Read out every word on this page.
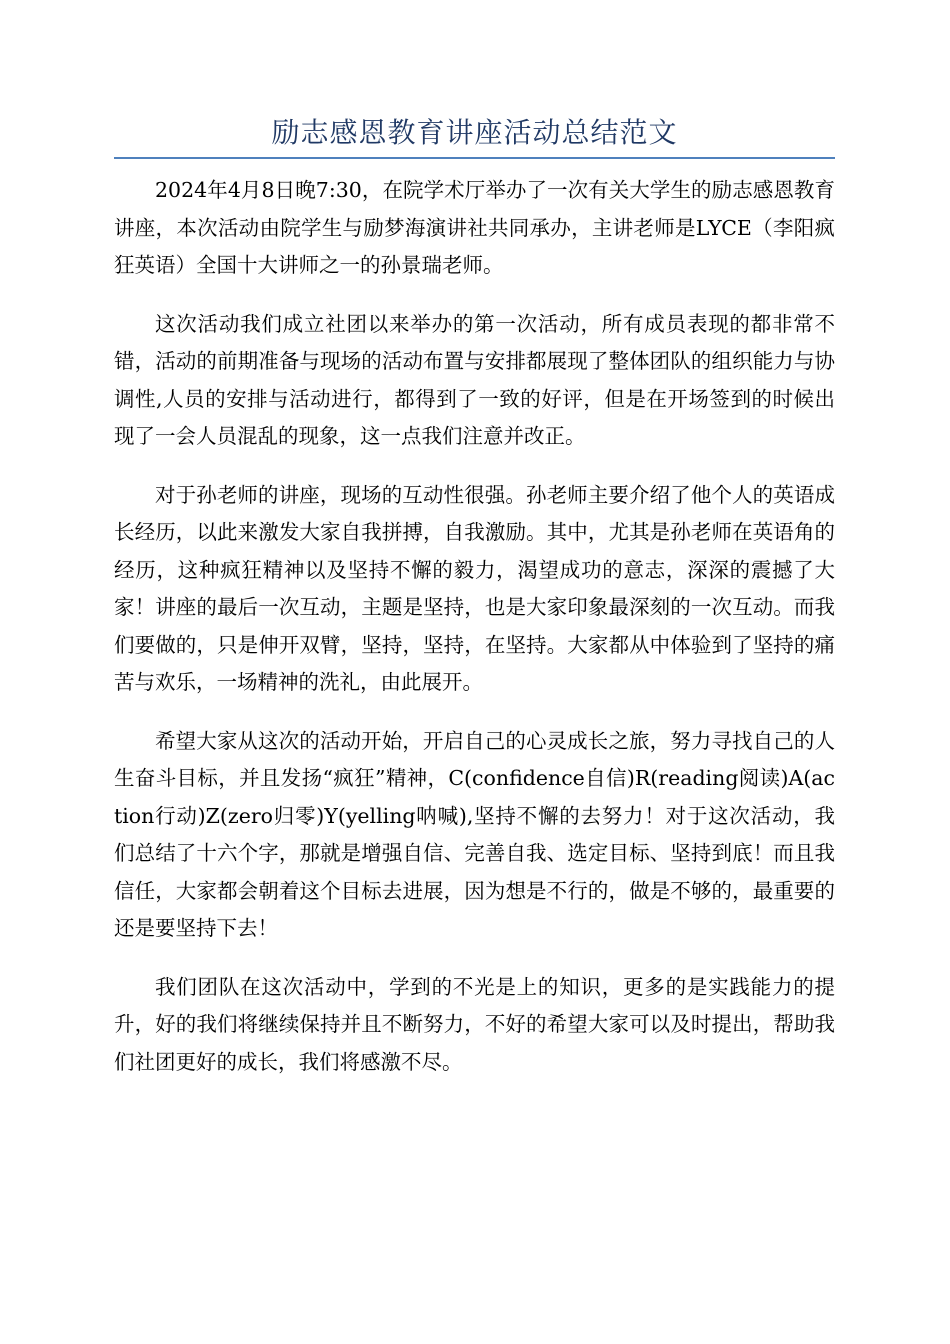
励志感恩教育讲座活动总结范文

2024年4月8日晚7:30，在院学术厅举办了一次有关大学生的励志感恩教育讲座，本次活动由院学生与励梦海演讲社共同承办，主讲老师是LYCE（李阳疯狂英语）全国十大讲师之一的孙景瑞老师。

这次活动我们成立社团以来举办的第一次活动，所有成员表现的都非常不错，活动的前期准备与现场的活动布置与安排都展现了整体团队的组织能力与协调性,人员的安排与活动进行，都得到了一致的好评，但是在开场签到的时候出现了一会人员混乱的现象，这一点我们注意并改正。

对于孙老师的讲座，现场的互动性很强。孙老师主要介绍了他个人的英语成长经历，以此来激发大家自我拼搏，自我激励。其中，尤其是孙老师在英语角的经历，这种疯狂精神以及坚持不懈的毅力，渴望成功的意志，深深的震撼了大家！讲座的最后一次互动，主题是坚持，也是大家印象最深刻的一次互动。而我们要做的，只是伸开双臂，坚持，坚持，在坚持。大家都从中体验到了坚持的痛苦与欢乐，一场精神的洗礼，由此展开。

希望大家从这次的活动开始，开启自己的心灵成长之旅，努力寻找自己的人生奋斗目标，并且发扬“疯狂”精神，C(confidence自信)R(reading阅读)A(action行动)Z(zero归零)Y(yelling呐喊),坚持不懈的去努力！对于这次活动，我们总结了十六个字，那就是增强自信、完善自我、选定目标、坚持到底！而且我信任，大家都会朝着这个目标去进展，因为想是不行的，做是不够的，最重要的还是要坚持下去！

我们团队在这次活动中，学到的不光是上的知识，更多的是实践能力的提升，好的我们将继续保持并且不断努力，不好的希望大家可以及时提出，帮助我们社团更好的成长，我们将感激不尽。
